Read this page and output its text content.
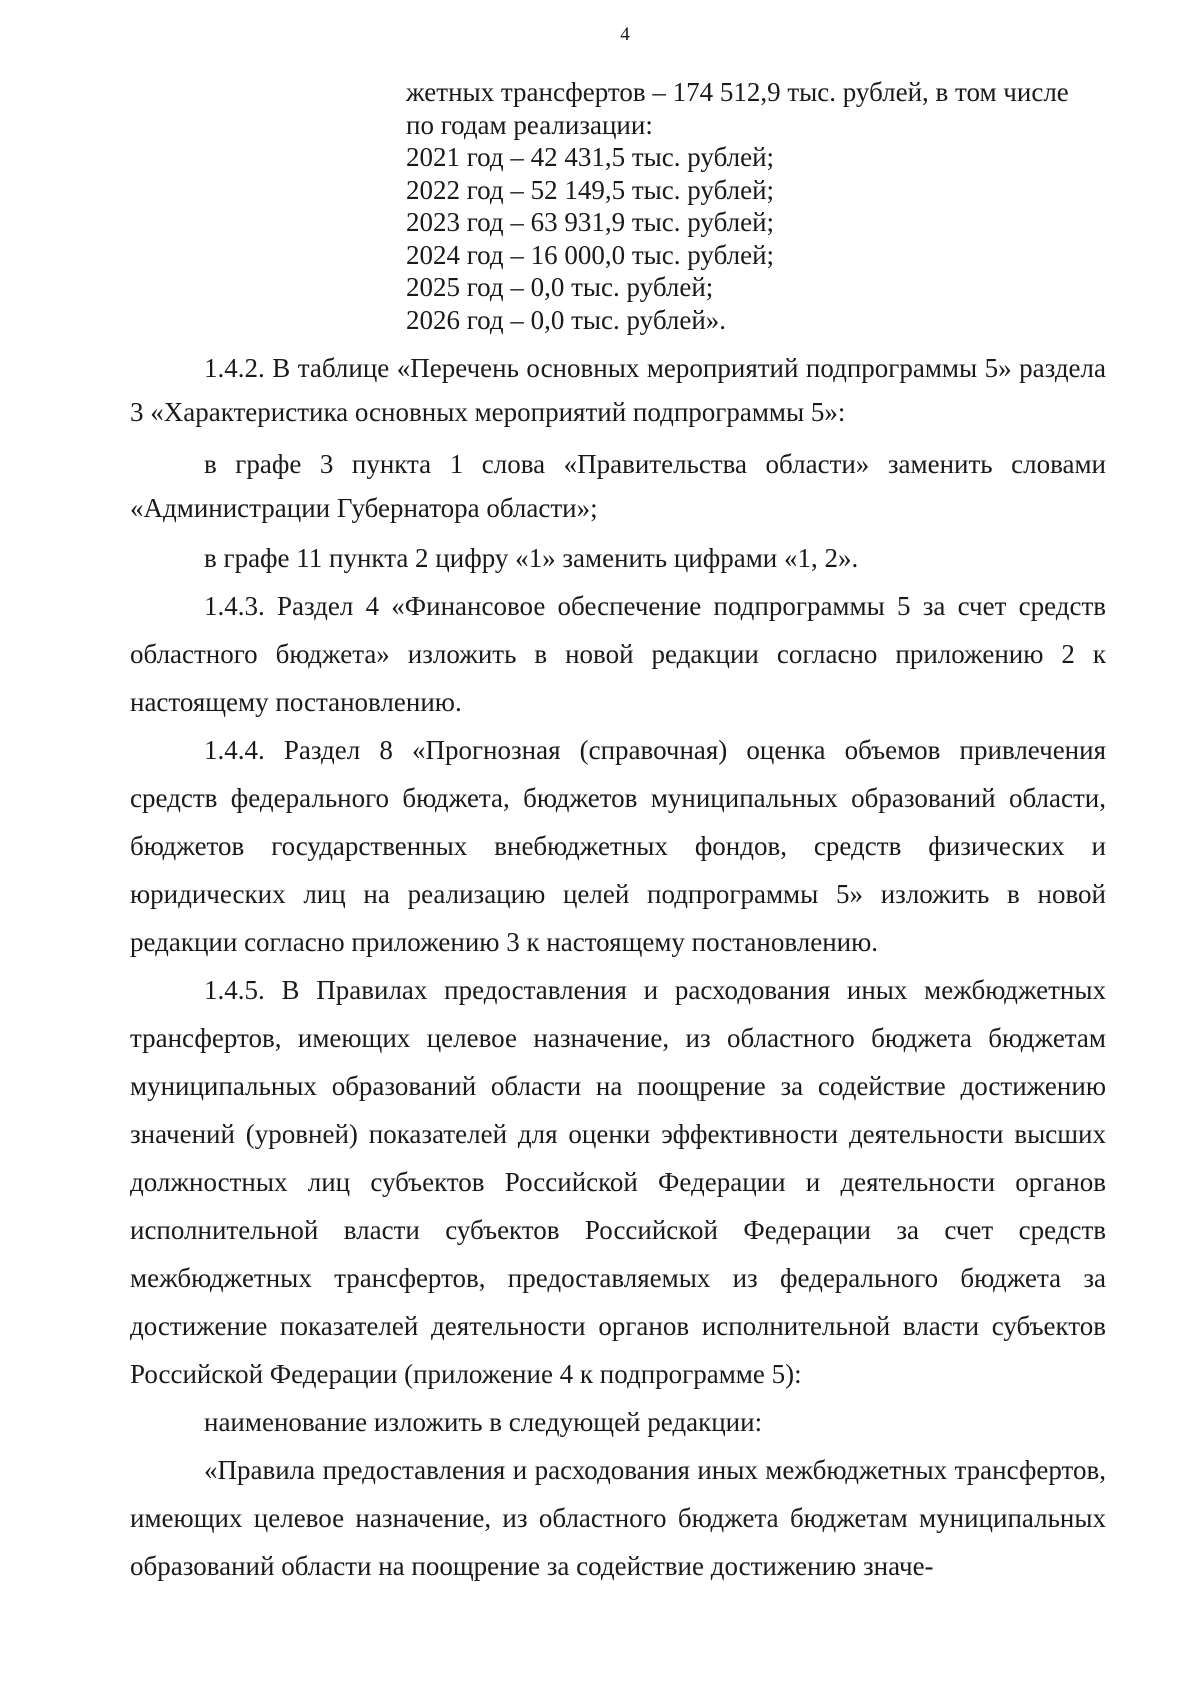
4
жетных трансфертов – 174 512,9 тыс. рублей, в том числе
по годам реализации:
2021 год – 42 431,5 тыс. рублей;
2022 год – 52 149,5 тыс. рублей;
2023 год – 63 931,9 тыс. рублей;
2024 год – 16 000,0 тыс. рублей;
2025 год – 0,0 тыс. рублей;
2026 год – 0,0 тыс. рублей».

1.4.2. В таблице «Перечень основных мероприятий подпрограммы 5» раздела 3 «Характеристика основных мероприятий подпрограммы 5»:

в графе 3 пункта 1 слова «Правительства области» заменить словами «Администрации Губернатора области»;

в графе 11 пункта 2 цифру «1» заменить цифрами «1, 2».

1.4.3. Раздел 4 «Финансовое обеспечение подпрограммы 5 за счет средств областного бюджета» изложить в новой редакции согласно приложению 2 к настоящему постановлению.

1.4.4. Раздел 8 «Прогнозная (справочная) оценка объемов привлечения средств федерального бюджета, бюджетов муниципальных образований области, бюджетов государственных внебюджетных фондов, средств физических и юридических лиц на реализацию целей подпрограммы 5» изложить в новой редакции согласно приложению 3 к настоящему постановлению.

1.4.5. В Правилах предоставления и расходования иных межбюджетных трансфертов, имеющих целевое назначение, из областного бюджета бюджетам муниципальных образований области на поощрение за содействие достижению значений (уровней) показателей для оценки эффективности деятельности высших должностных лиц субъектов Российской Федерации и деятельности органов исполнительной власти субъектов Российской Федерации за счет средств межбюджетных трансфертов, предоставляемых из федерального бюджета за достижение показателей деятельности органов исполнительной власти субъектов Российской Федерации (приложение 4 к подпрограмме 5):

наименование изложить в следующей редакции:

«Правила предоставления и расходования иных межбюджетных трансфертов, имеющих целевое назначение, из областного бюджета бюджетам муниципальных образований области на поощрение за содействие достижению значе-
